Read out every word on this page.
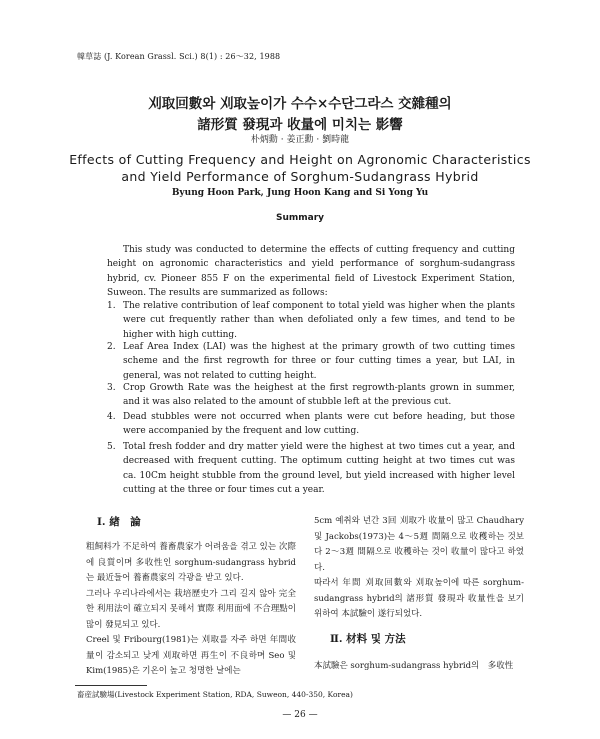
韓草誌 (J. Korean Grassl. Sci.) 8(1) : 26～32, 1988
刈取回數와 刈取높이가 수수×수단그라스 交雜種의
諸形質 發現과 收量에 미치는 影響
朴炳勳 · 姜正勳 · 劉時龍
Effects of Cutting Frequency and Height on Agronomic Characteristics
and Yield Performance of Sorghum-Sudangrass Hybrid
Byung Hoon Park, Jung Hoon Kang and Si Yong Yu
Summary

This study was conducted to determine the effects of cutting frequency and cutting height on agronomic characteristics and yield performance of sorghum-sudangrass hybrid, cv. Pioneer 855 F on the experimental field of Livestock Experiment Station, Suweon. The results are summarized as follows:

1. The relative contribution of leaf component to total yield was higher when the plants were cut frequently rather than when defoliated only a few times, and tend to be higher with high cutting.
2. Leaf Area Index (LAI) was the highest at the primary growth of two cutting times scheme and the first regrowth for three or four cutting times a year, but LAI, in general, was not related to cutting height.
3. Crop Growth Rate was the heighest at the first regrowth-plants grown in summer, and it was also related to the amount of stubble left at the previous cut.
4. Dead stubbles were not occurred when plants were cut before heading, but those were accompanied by the frequent and low cutting.
5. Total fresh fodder and dry matter yield were the highest at two times cut a year, and decreased with frequent cutting. The optimum cutting height at two times cut was ca. 10Cm height stubble from the ground level, but yield increased with higher level cutting at the three or four times cut a year.
Ⅰ. 緖　論

粗飼料가 不足하여 養畜農家가 어려움을 겪고 있는 次際에 良質이며 多收性인 sorghum-sudangrass hybrid는 最近들어 養畜農家의 각광을 받고 있다.

그러나 우리나라에서는 栽培歷史가 그리 길지 않아 完全한 利用法이 確立되지 못해서 實際 利用面에 不合理點이 많이 發見되고 있다.

Creel 및 Fribourg(1981)는 刈取를 자주 하면 年間收量이 감소되고 낮게 刈取하면 再生이 不良하며 Seo 및 Kim(1985)은 기온이 높고 청명한 날에는

5cm 예취와 년간 3回 刈取가 收量이 많고 Chaudhary 및 Jackobs(1973)는 4～5週 間隔으로 收穫하는 것보다 2～3週 間隔으로 收穫하는 것이 收量이 많다고 하였다.

따라서 年間 刈取回數와 刈取높이에 따른 sorghum-sudangrass hybrid의 諸形質 發現과 收量性을 보기 위하여 本試驗이 遂行되었다.

Ⅱ. 材料 및 方法

本試驗은 sorghum-sudangrass hybrid의　多收性

畜産試驗場(Livestock Experiment Station, RDA, Suweon, 440-350, Korea)
— 26 —
